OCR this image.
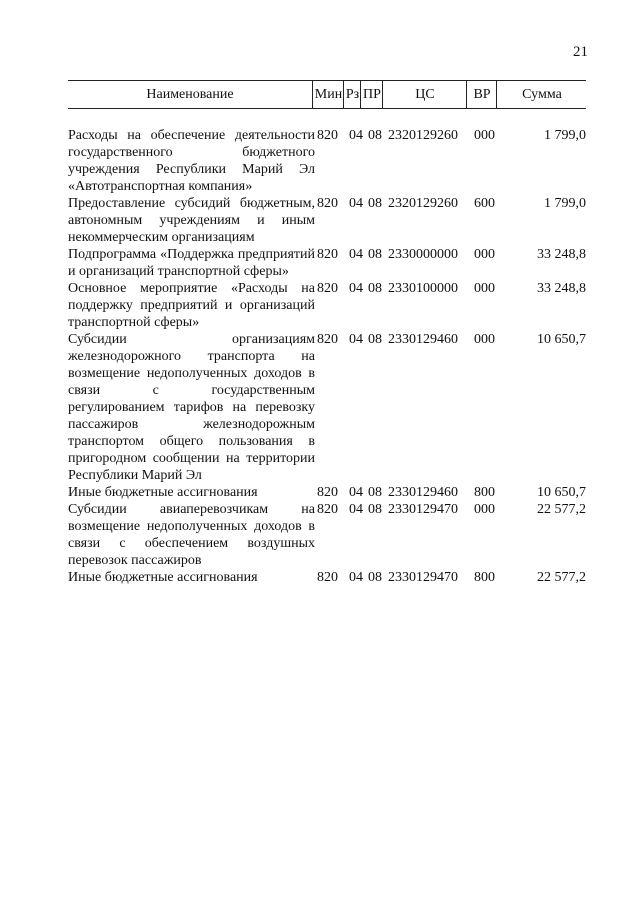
21
Наименование	Мин Рз ПР	ЦС	ВР	Сумма
Расходы на обеспечение деятельности государственного бюджетного учреждения Республики Марий Эл «Автотранспортная компания»
820 04 08 2320129260 000	1 799,0
Предоставление субсидий бюджетным, автономным учреждениям и иным некоммерческим организациям
820 04 08 2320129260 600	1 799,0
Подпрограмма «Поддержка предприятий и организаций транспортной сферы»
820 04 08 2330000000 000	33 248,8
Основное мероприятие «Расходы на поддержку предприятий и организаций транспортной сферы»
820 04 08 2330100000 000	33 248,8
Субсидии организациям железнодорожного транспорта на возмещение недополученных доходов в связи с государственным регулированием тарифов на перевозку пассажиров железнодорожным транспортом общего пользования в пригородном сообщении на территории Республики Марий Эл
820 04 08 2330129460 000	10 650,7
Иные бюджетные ассигнования	820 04 08 2330129460 800	10 650,7
Субсидии авиаперевозчикам на возмещение недополученных доходов в связи с обеспечением воздушных перевозок пассажиров
820 04 08 2330129470 000	22 577,2
Иные бюджетные ассигнования	820 04 08 2330129470 800	22 577,2
